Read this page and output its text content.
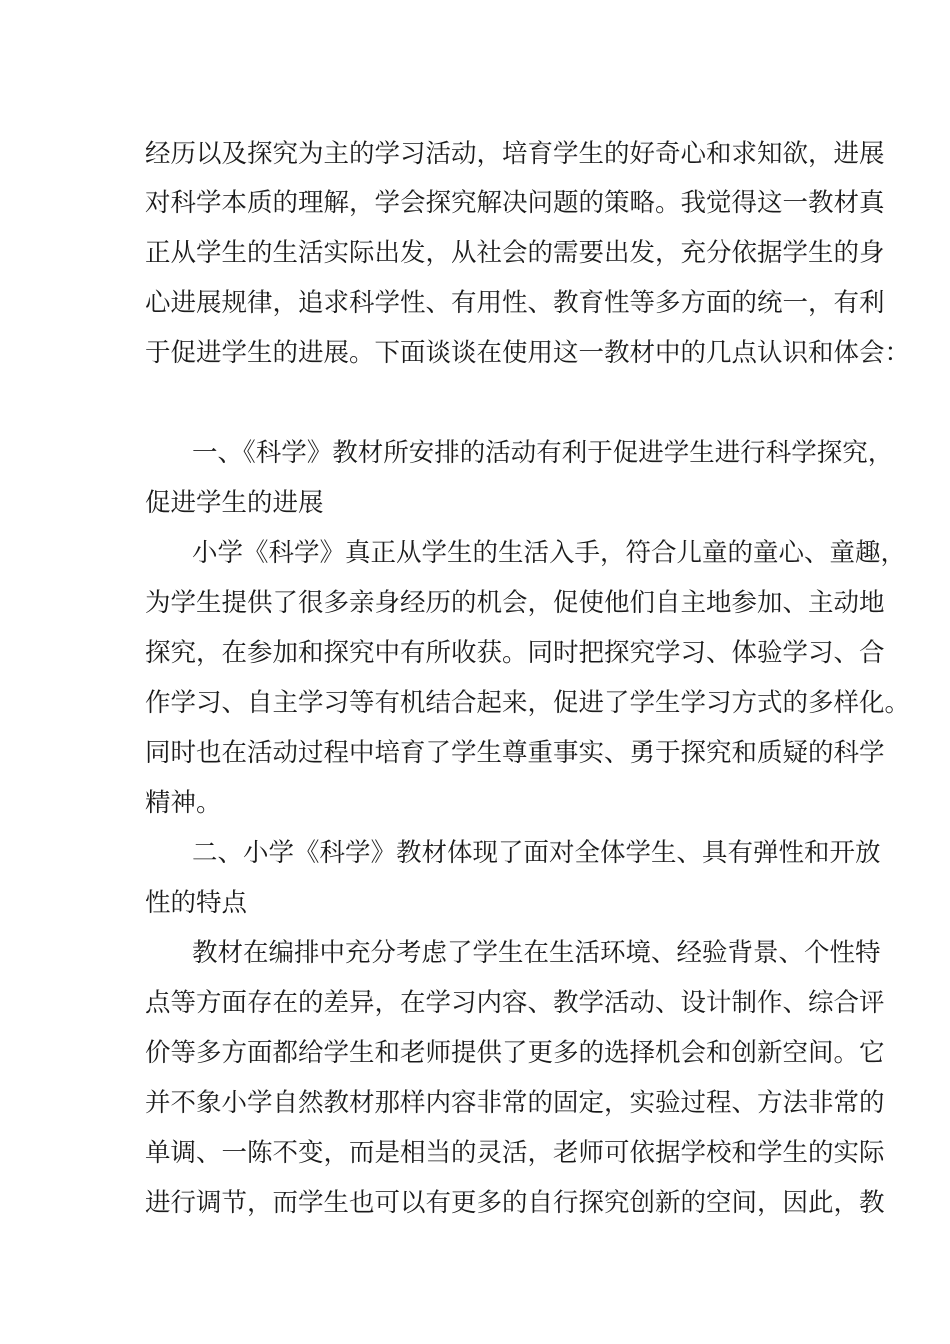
经历以及探究为主的学习活动，培育学生的好奇心和求知欲，进展
对科学本质的理解，学会探究解决问题的策略。我觉得这一教材真
正从学生的生活实际出发，从社会的需要出发，充分依据学生的身
心进展规律，追求科学性、有用性、教育性等多方面的统一，有利
于促进学生的进展。下面谈谈在使用这一教材中的几点认识和体会：
一、《科学》教材所安排的活动有利于促进学生进行科学探究，
促进学生的进展
小学《科学》真正从学生的生活入手，符合儿童的童心、童趣，
为学生提供了很多亲身经历的机会，促使他们自主地参加、主动地
探究，在参加和探究中有所收获。同时把探究学习、体验学习、合
作学习、自主学习等有机结合起来，促进了学生学习方式的多样化。
同时也在活动过程中培育了学生尊重事实、勇于探究和质疑的科学
精神。
二、小学《科学》教材体现了面对全体学生、具有弹性和开放
性的特点
教材在编排中充分考虑了学生在生活环境、经验背景、个性特
点等方面存在的差异，在学习内容、教学活动、设计制作、综合评
价等多方面都给学生和老师提供了更多的选择机会和创新空间。它
并不象小学自然教材那样内容非常的固定，实验过程、方法非常的
单调、一陈不变，而是相当的灵活，老师可依据学校和学生的实际
进行调节，而学生也可以有更多的自行探究创新的空间，因此，教
